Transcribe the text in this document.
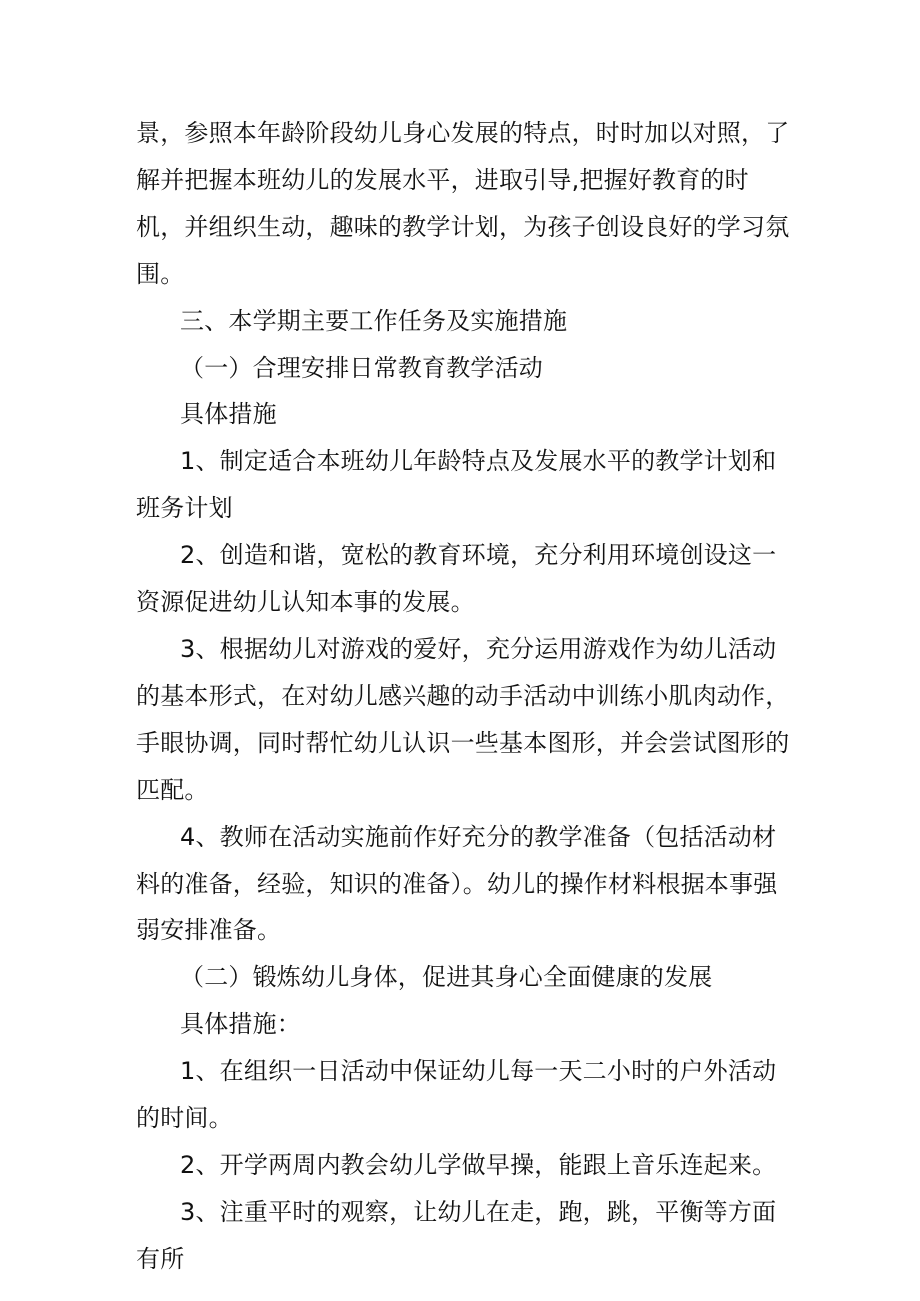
景，参照本年龄阶段幼儿身心发展的特点，时时加以对照，了解并把握本班幼儿的发展水平，进取引导,把握好教育的时机，并组织生动，趣味的教学计划，为孩子创设良好的学习氛围。

三、本学期主要工作任务及实施措施

（一）合理安排日常教育教学活动

具体措施

1、制定适合本班幼儿年龄特点及发展水平的教学计划和班务计划

2、创造和谐，宽松的教育环境，充分利用环境创设这一资源促进幼儿认知本事的发展。

3、根据幼儿对游戏的爱好，充分运用游戏作为幼儿活动的基本形式，在对幼儿感兴趣的动手活动中训练小肌肉动作，手眼协调，同时帮忙幼儿认识一些基本图形，并会尝试图形的匹配。

4、教师在活动实施前作好充分的教学准备（包括活动材料的准备，经验，知识的准备）。幼儿的操作材料根据本事强弱安排准备。

（二）锻炼幼儿身体，促进其身心全面健康的发展

具体措施：

1、在组织一日活动中保证幼儿每一天二小时的户外活动的时间。

2、开学两周内教会幼儿学做早操，能跟上音乐连起来。

3、注重平时的观察，让幼儿在走，跑，跳，平衡等方面有所
